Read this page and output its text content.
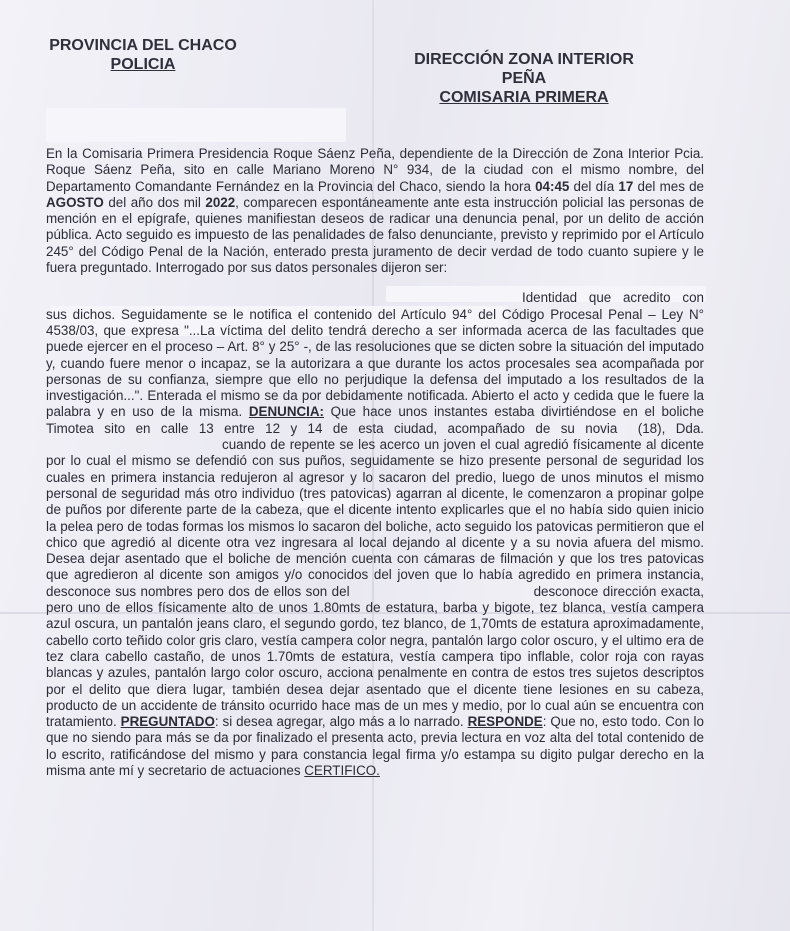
PROVINCIA DEL CHACO
POLICIA	DIRECCIÓN ZONA INTERIOR PEÑA
COMISARIA PRIMERA

En la Comisaria Primera Presidencia Roque Sáenz Peña, dependiente de la Dirección de Zona Interior Pcia. Roque Sáenz Peña, sito en calle Mariano Moreno N° 934, de la ciudad con el mismo nombre, del Departamento Comandante Fernández en la Provincia del Chaco, siendo la hora 04:45 del día 17 del mes de AGOSTO del año dos mil 2022, comparecen espontáneamente ante esta instrucción policial las personas de mención en el epígrafe, quienes manifiestan deseos de radicar una denuncia penal, por un delito de acción pública. Acto seguido es impuesto de las penalidades de falso denunciante, previsto y reprimido por el Artículo 245° del Código Penal de la Nación, enterado presta juramento de decir verdad de todo cuanto supiere y le fuera preguntado. Interrogado por sus datos personales dijeron ser:

Identidad que acredito con sus dichos. Seguidamente se le notifica el contenido del Artículo 94° del Código Procesal Penal – Ley N° 4538/03, que expresa "...La víctima del delito tendrá derecho a ser informada acerca de las facultades que puede ejercer en el proceso – Art. 8° y 25° -, de las resoluciones que se dicten sobre la situación del imputado y, cuando fuere menor o incapaz, se la autorizara a que durante los actos procesales sea acompañada por personas de su confianza, siempre que ello no perjudique la defensa del imputado a los resultados de la investigación...". Enterada el mismo se da por debidamente notificada. Abierto el acto y cedida que le fuere la palabra y en uso de la misma. DENUNCIA: Que hace unos instantes estaba divirtiéndose en el boliche Timotea sito en calle 13 entre 12 y 14 de esta ciudad, acompañado de su novia (18), Dda.cuando de repente se les acerco un joven el cual agredió físicamente al dicente por lo cual el mismo se defendió con sus puños, seguidamente se hizo presente personal de seguridad los cuales en primera instancia redujeron al agresor y lo sacaron del predio, luego de unos minutos el mismo personal de seguridad más otro individuo (tres patovicas) agarran al dicente, le comenzaron a propinar golpe de puños por diferente parte de la cabeza, que el dicente intento explicarles que el no había sido quien inicio la pelea pero de todas formas los mismos lo sacaron del boliche, acto seguido los patovicas permitieron que el chico que agredió al dicente otra vez ingresara al local dejando al dicente y a su novia afuera del mismo. Desea dejar asentado que el boliche de mención cuenta con cámaras de filmación y que los tres patovicas que agredieron al dicente son amigos y/o conocidos del joven que lo había agredido en primera instancia, desconoce sus nombres pero dos de ellos son del	desconoce dirección exacta, pero uno de ellos físicamente alto de unos 1.80mts de estatura, barba y bigote, tez blanca, vestía campera azul oscura, un pantalón jeans claro, el segundo gordo, tez blanco, de 1,70mts de estatura aproximadamente, cabello corto teñido color gris claro, vestía campera color negra, pantalón largo color oscuro, y el ultimo era de tez clara cabello castaño, de unos 1.70mts de estatura, vestía campera tipo inflable, color roja con rayas blancas y azules, pantalón largo color oscuro, acciona penalmente en contra de estos tres sujetos descriptos por el delito que diera lugar, también desea dejar asentado que el dicente tiene lesiones en su cabeza, producto de un accidente de tránsito ocurrido hace mas de un mes y medio, por lo cual aún se encuentra con tratamiento. PREGUNTADO: si desea agregar, algo más a lo narrado. RESPONDE: Que no, esto todo. Con lo que no siendo para más se da por finalizado el presenta acto, previa lectura en voz alta del total contenido de lo escrito, ratificándose del mismo y para constancia legal firma y/o estampa su digito pulgar derecho en la misma ante mí y secretario de actuaciones CERTIFICO.
